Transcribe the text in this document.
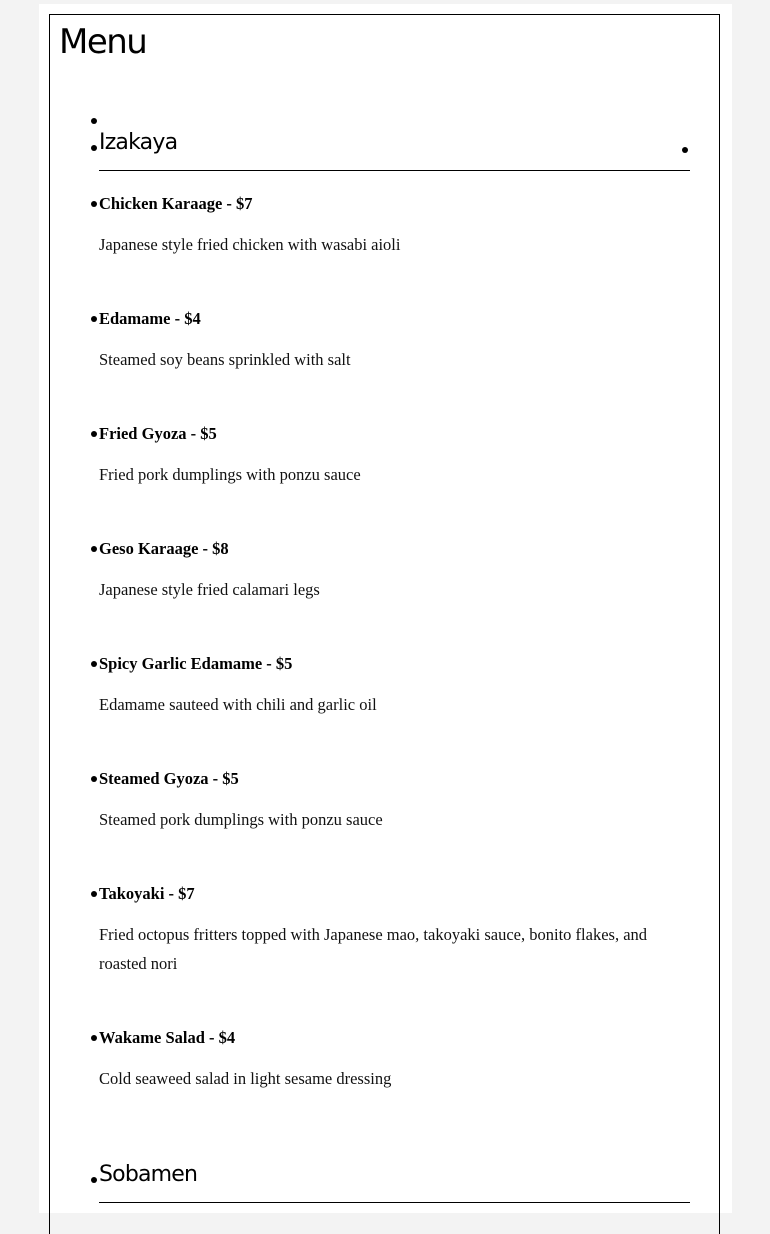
Menu
Izakaya
Chicken Karaage - $7
Japanese style fried chicken with wasabi aioli
Edamame - $4
Steamed soy beans sprinkled with salt
Fried Gyoza - $5
Fried pork dumplings with ponzu sauce
Geso Karaage - $8
Japanese style fried calamari legs
Spicy Garlic Edamame - $5
Edamame sauteed with chili and garlic oil
Steamed Gyoza - $5
Steamed pork dumplings with ponzu sauce
Takoyaki - $7
Fried octopus fritters topped with Japanese mao, takoyaki sauce, bonito flakes, and roasted nori
Wakame Salad - $4
Cold seaweed salad in light sesame dressing
Sobamen
